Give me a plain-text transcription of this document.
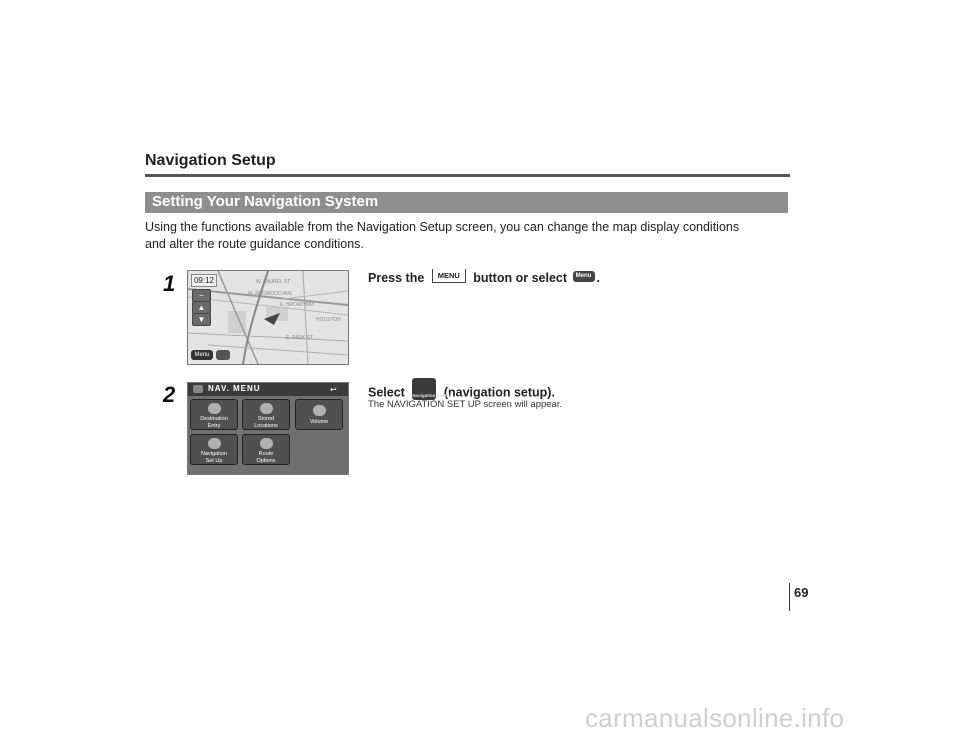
Navigation Setup
Setting Your Navigation System
Using the functions available from the Navigation Setup screen, you can change the map display conditions
and alter the route guidance conditions.
1	W. LAUREL ST
W. REDWOOD AVE
E. BROADWAY
HOUSTON
E. PARK ST
09:12
−
▲
▼
Menu
Press the MENU button or select Menu .
2	NAV. MENU	↩
Destination
Entry
Stored
Locations
Volume
Navigation
Set Up
Route
Options
Select Navigation Set Up (navigation setup).
The NAVIGATION SET UP screen will appear.
69
carmanualsonline.info
